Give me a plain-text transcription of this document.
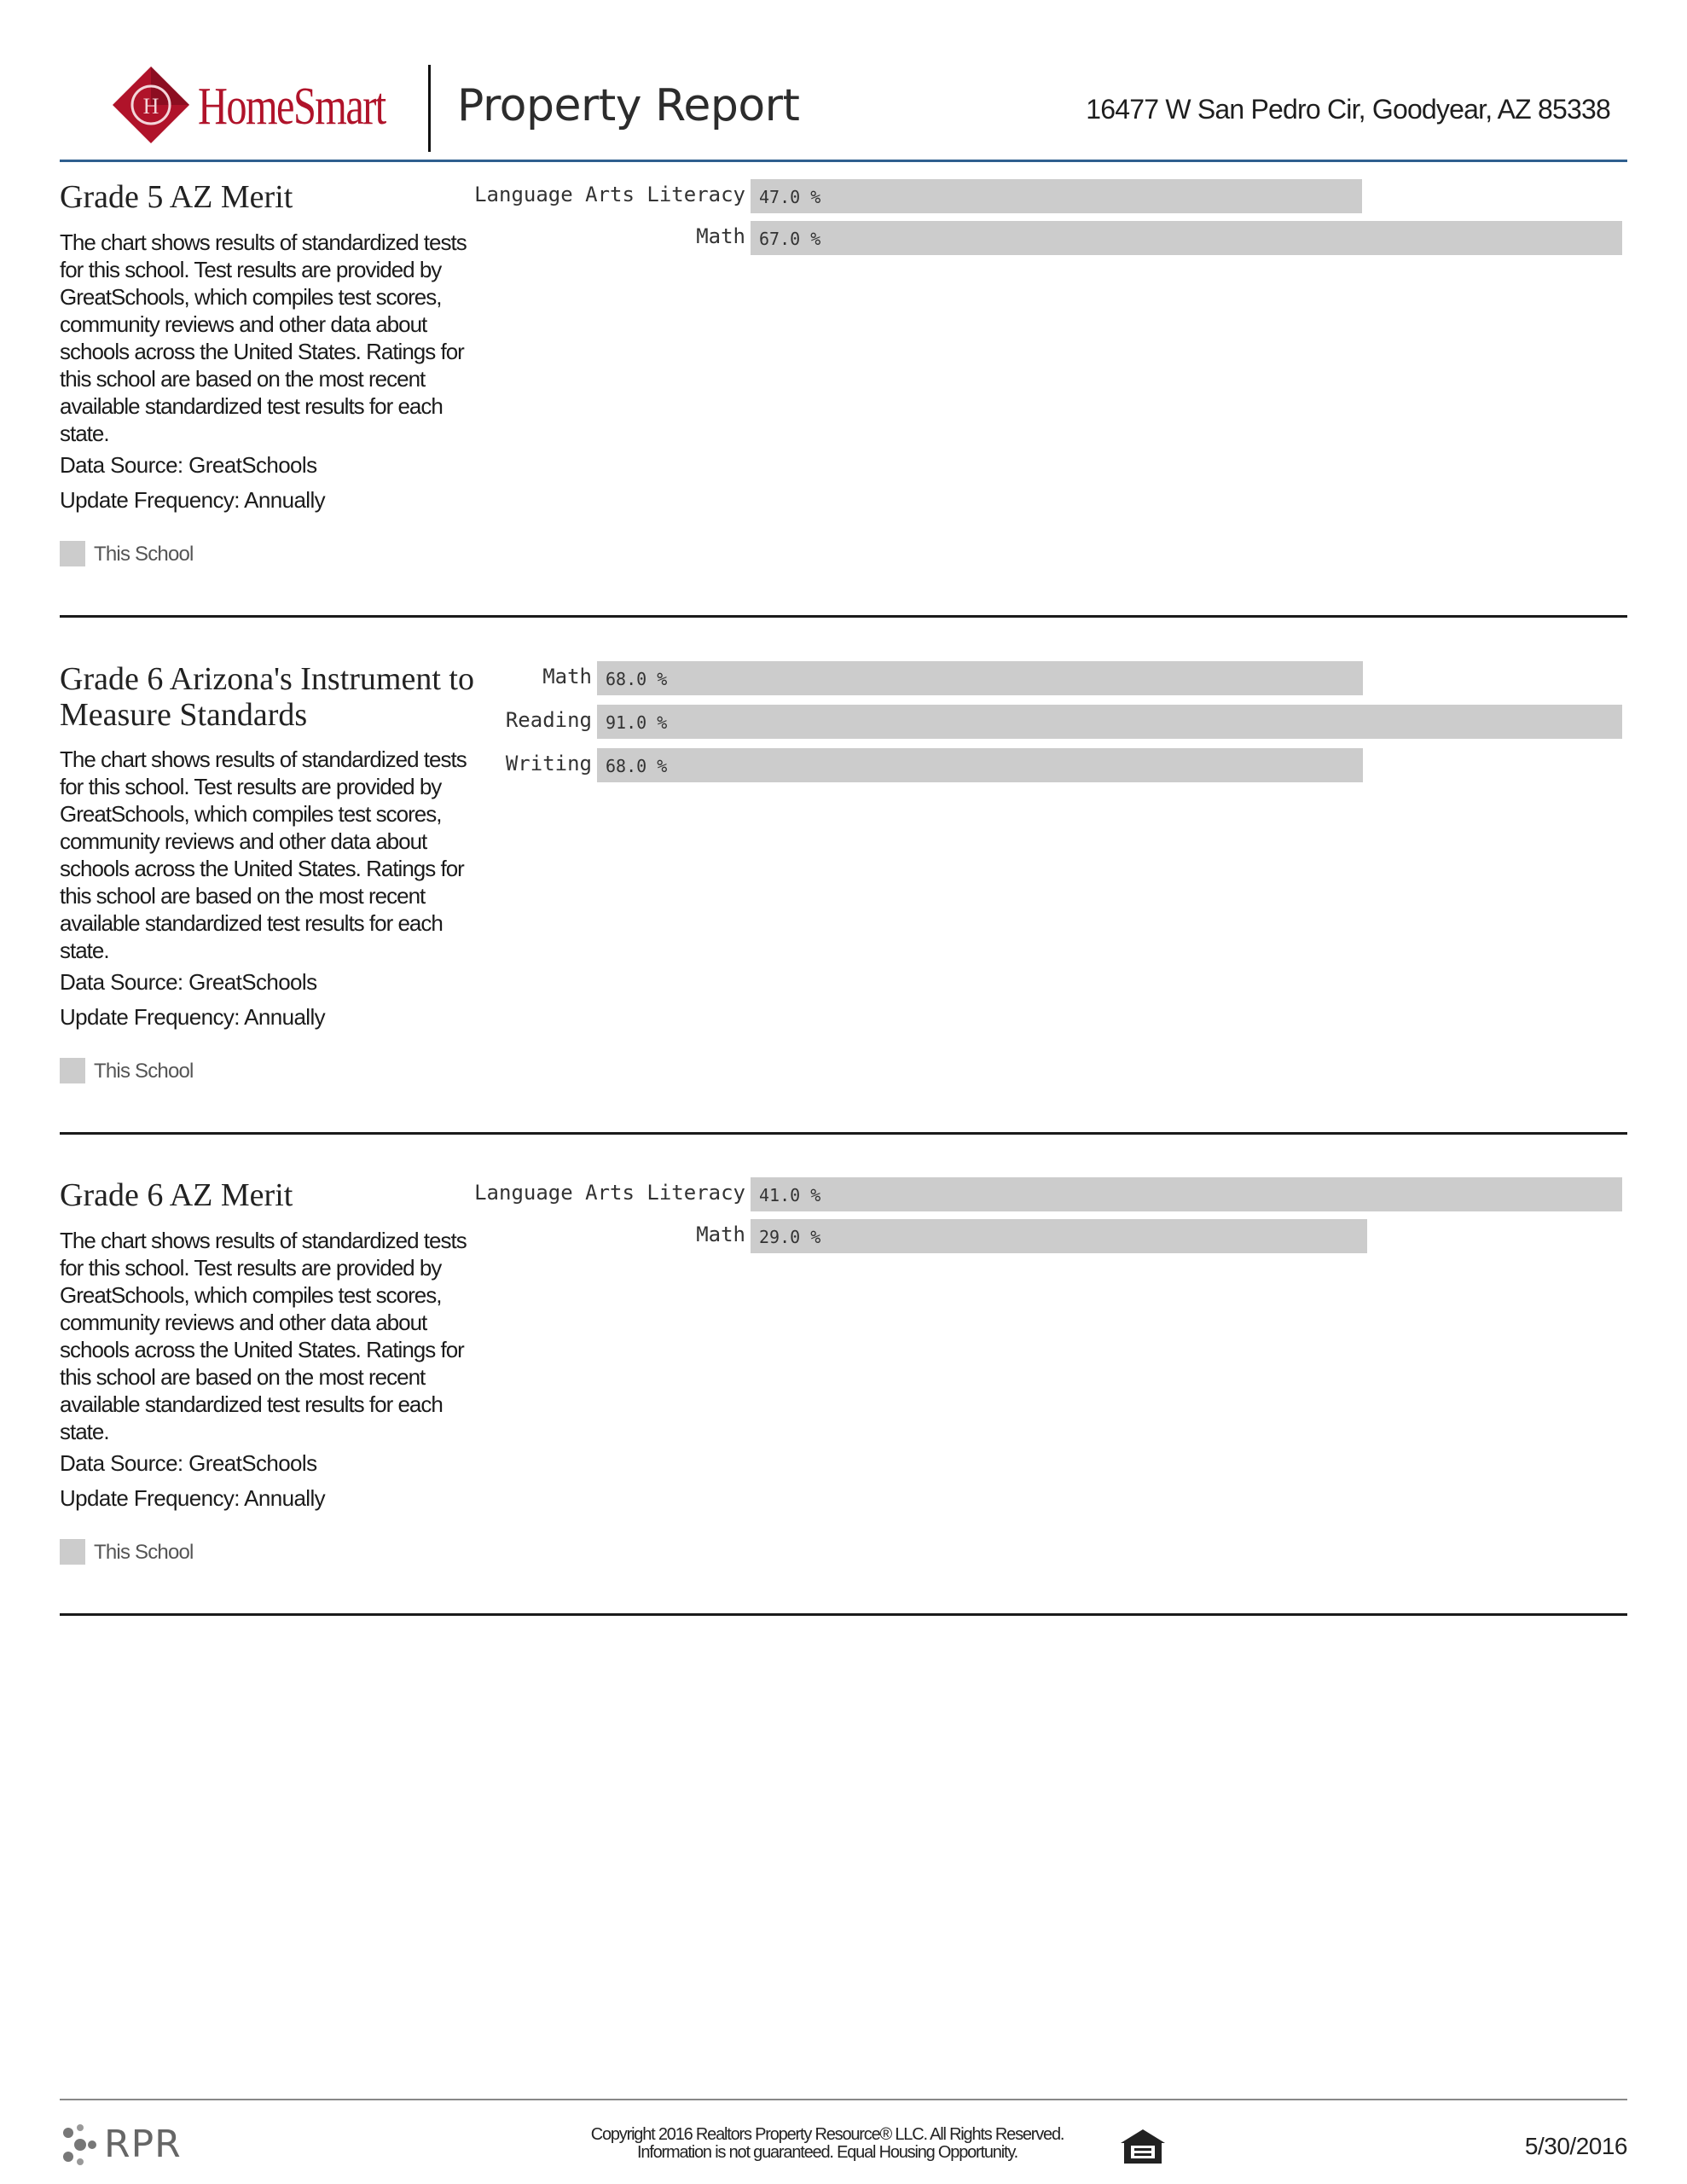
H HomeSmart Property Report	16477 W San Pedro Cir, Goodyear, AZ 85338
Grade 5 AZ Merit
The chart shows results of standardized tests for this school. Test results are provided by GreatSchools, which compiles test scores, community reviews and other data about schools across the United States. Ratings for this school are based on the most recent available standardized test results for each state.
Data Source: GreatSchools
Update Frequency: Annually
This School
Language Arts Literacy 47.0 %
Math 67.0 %
Grade 6 Arizona's Instrument to Measure Standards
The chart shows results of standardized tests for this school. Test results are provided by GreatSchools, which compiles test scores, community reviews and other data about schools across the United States. Ratings for this school are based on the most recent available standardized test results for each state.
Data Source: GreatSchools
Update Frequency: Annually
This School
Math 68.0 %
Reading 91.0 %
Writing 68.0 %
Grade 6 AZ Merit
The chart shows results of standardized tests for this school. Test results are provided by GreatSchools, which compiles test scores, community reviews and other data about schools across the United States. Ratings for this school are based on the most recent available standardized test results for each state.
Data Source: GreatSchools
Update Frequency: Annually
This School
Language Arts Literacy 41.0 %
Math 29.0 %
RPR	Copyright 2016 Realtors Property Resource® LLC. All Rights Reserved.
Information is not guaranteed. Equal Housing Opportunity.	5/30/2016
